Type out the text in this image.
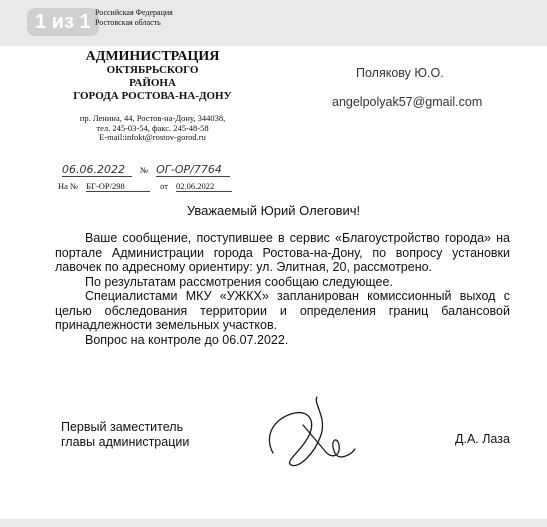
1 из 1 Российская Федерация
Ростовская область
АДМИНИСТРАЦИЯ
ОКТЯБРЬСКОГО
РАЙОНА
ГОРОДА РОСТОВА-НА-ДОНУ
пр. Ленина, 44, Ростов-на-Дону, 344038,
тел. 245-03-54, факс. 245-48-58
E-mail:infokt@rostov-gorod.ru
06.06.2022 № ОГ-ОР/7764
На № БГ-ОР/298	от 02.06.2022
Полякову Ю.О.
angelpolyak57@gmail.com
Уважаемый Юрий Олегович!

Ваше сообщение, поступившее в сервис «Благоустройство города» на портале Администрации города Ростова-на-Дону, по вопросу установки лавочек по адресному ориентиру: ул. Элитная, 20, рассмотрено.

По результатам рассмотрения сообщаю следующее.

Специалистами МКУ «УЖКХ» запланирован комиссионный выход с целью обследования территории и определения границ балансовой принадлежности земельных участков.

Вопрос на контроле до 06.07.2022.

Первый заместитель
главы администрации	Д.А. Лаза
